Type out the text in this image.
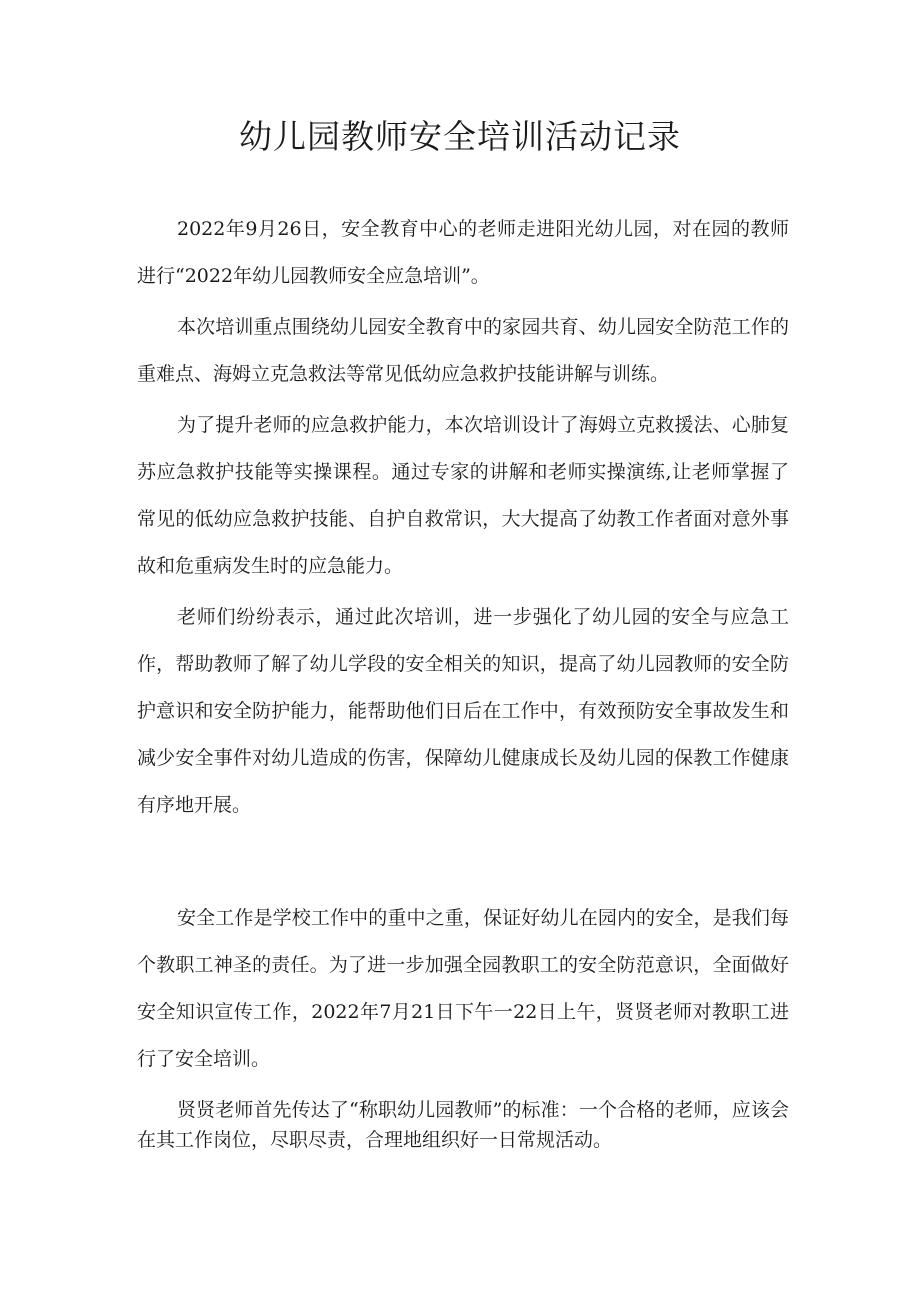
幼儿园教师安全培训活动记录

2022年9月26日，安全教育中心的老师走进阳光幼儿园，对在园的教师进行“2022年幼儿园教师安全应急培训”。

本次培训重点围绕幼儿园安全教育中的家园共育、幼儿园安全防范工作的重难点、海姆立克急救法等常见低幼应急救护技能讲解与训练。

为了提升老师的应急救护能力，本次培训设计了海姆立克救援法、心肺复苏应急救护技能等实操课程。通过专家的讲解和老师实操演练,让老师掌握了常见的低幼应急救护技能、自护自救常识，大大提高了幼教工作者面对意外事故和危重病发生时的应急能力。

老师们纷纷表示，通过此次培训，进一步强化了幼儿园的安全与应急工作，帮助教师了解了幼儿学段的安全相关的知识，提高了幼儿园教师的安全防护意识和安全防护能力，能帮助他们日后在工作中，有效预防安全事故发生和减少安全事件对幼儿造成的伤害，保障幼儿健康成长及幼儿园的保教工作健康有序地开展。

安全工作是学校工作中的重中之重，保证好幼儿在园内的安全，是我们每个教职工神圣的责任。为了进一步加强全园教职工的安全防范意识，全面做好安全知识宣传工作，2022年7月21日下午一22日上午，贤贤老师对教职工进行了安全培训。

贤贤老师首先传达了“称职幼儿园教师”的标准：一个合格的老师，应该会在其工作岗位，尽职尽责，合理地组织好一日常规活动。
